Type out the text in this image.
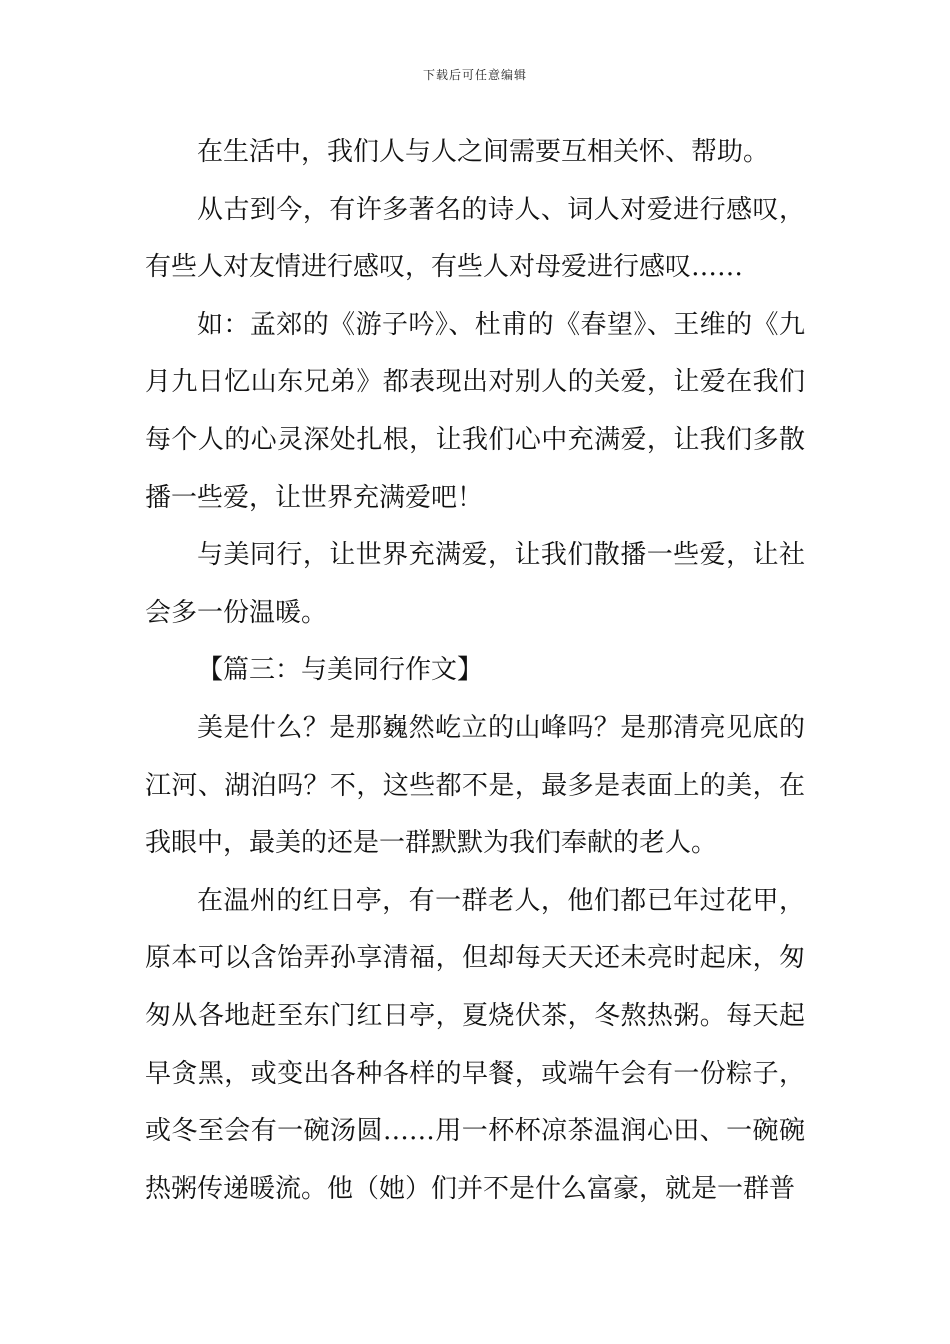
下载后可任意编辑

在生活中，我们人与人之间需要互相关怀、帮助。

从古到今，有许多著名的诗人、词人对爱进行感叹，有些人对友情进行感叹，有些人对母爱进行感叹……

如：孟郊的《游子吟》、杜甫的《春望》、王维的《九月九日忆山东兄弟》都表现出对别人的关爱，让爱在我们每个人的心灵深处扎根，让我们心中充满爱，让我们多散播一些爱，让世界充满爱吧！

与美同行，让世界充满爱，让我们散播一些爱，让社会多一份温暖。

【篇三：与美同行作文】

美是什么？是那巍然屹立的山峰吗？是那清亮见底的江河、湖泊吗？不，这些都不是，最多是表面上的美，在我眼中，最美的还是一群默默为我们奉献的老人。

在温州的红日亭，有一群老人，他们都已年过花甲，原本可以含饴弄孙享清福，但却每天天还未亮时起床，匆匆从各地赶至东门红日亭，夏烧伏茶，冬熬热粥。每天起早贪黑，或变出各种各样的早餐，或端午会有一份粽子，或冬至会有一碗汤圆……用一杯杯凉茶温润心田、一碗碗热粥传递暖流。他（她）们并不是什么富豪，就是一群普
